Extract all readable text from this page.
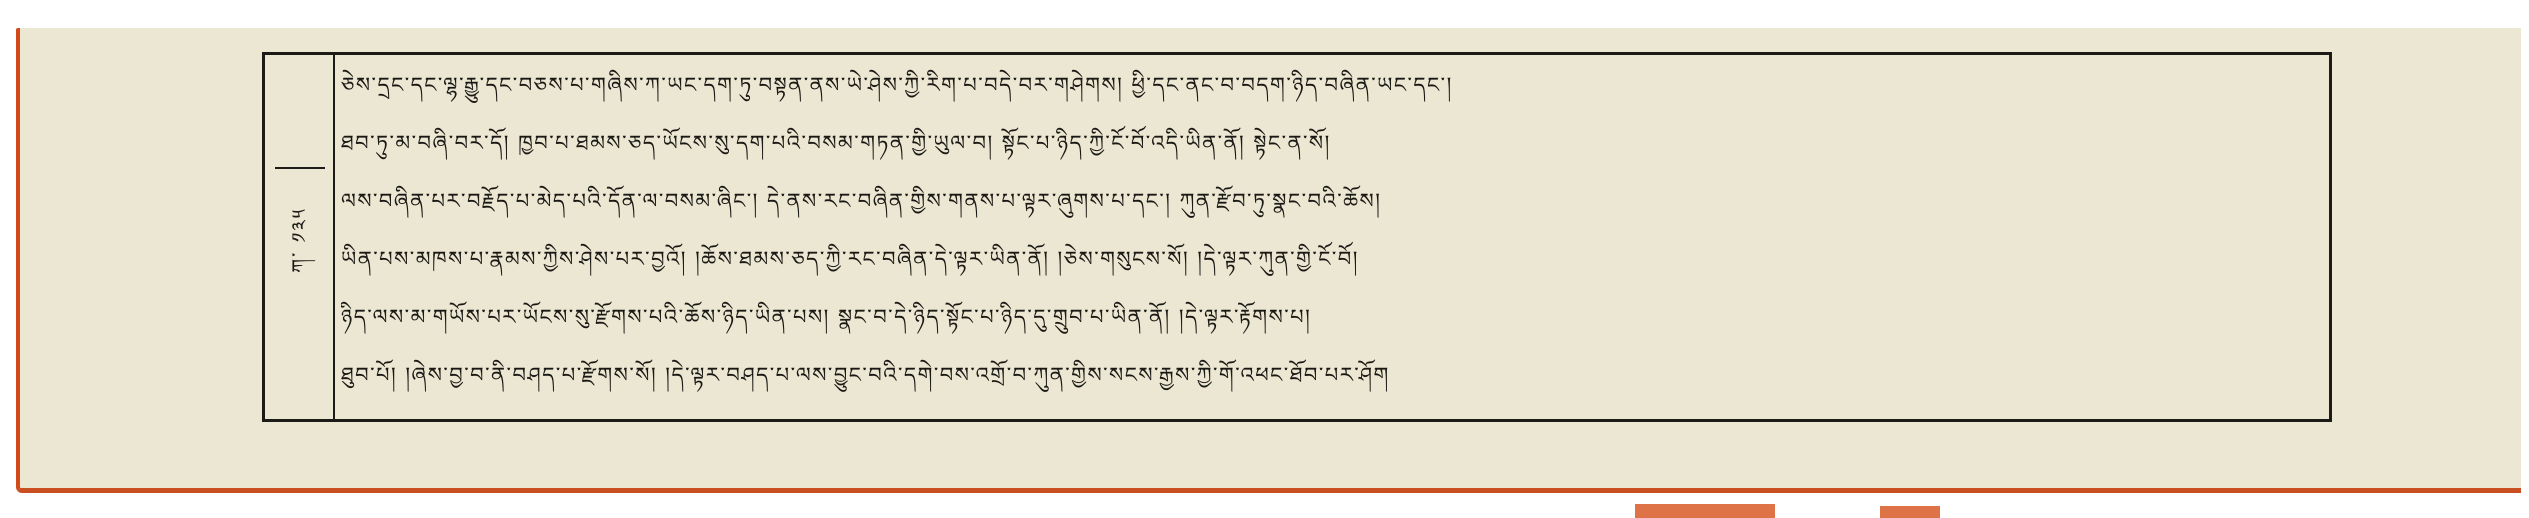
ཀ་ ༡༣༥
ཅེས་དྲང་དང་ལྷ་རྒྱུ་དང་བཅས་པ་གཞིས་ཀ་ཡང་དག་ཏུ་བསྟན་ནས་ཡེ་ཤེས་ཀྱི་རིག་པ་བདེ་བར་གཤེགས། ཕྱི་དང་ནང་བ་བདག་ཉིད་བཞིན་ཡང་དང་།
ཐབ་ཏུ་མ་བཞི་བར་དོ། ཁྱབ་པ་ཐམས་ཅད་ཡོངས་སུ་དག་པའི་བསམ་གཏན་གྱི་ཡུལ་བ། སྟོང་པ་ཉིད་ཀྱི་ངོ་བོ་འདི་ཡིན་ནོ། སྟེང་ན་སོ།
ལས་བཞིན་པར་བརྗོད་པ་མེད་པའི་དོན་ལ་བསམ་ཞིང་། དེ་ནས་རང་བཞིན་གྱིས་གནས་པ་ལྟར་ཞུགས་པ་དང་། ཀུན་རྫོབ་ཏུ་སྣང་བའི་ཆོས།
ཡིན་པས་མཁས་པ་རྣམས་ཀྱིས་ཤེས་པར་བྱའོ། །ཆོས་ཐམས་ཅད་ཀྱི་རང་བཞིན་དེ་ལྟར་ཡིན་ནོ། །ཅེས་གསུངས་སོ། །དེ་ལྟར་ཀུན་གྱི་ངོ་བོ།
ཉིད་ལས་མ་གཡོས་པར་ཡོངས་སུ་རྫོགས་པའི་ཆོས་ཉིད་ཡིན་པས། སྣང་བ་དེ་ཉིད་སྟོང་པ་ཉིད་དུ་གྲུབ་པ་ཡིན་ནོ། །དེ་ལྟར་རྟོགས་པ།
ཐུབ་པོ། །ཞེས་བྱ་བ་ནི་བཤད་པ་རྫོགས་སོ། །དེ་ལྟར་བཤད་པ་ལས་བྱུང་བའི་དགེ་བས་འགྲོ་བ་ཀུན་གྱིས་སངས་རྒྱས་ཀྱི་གོ་འཕང་ཐོབ་པར་ཤོག
